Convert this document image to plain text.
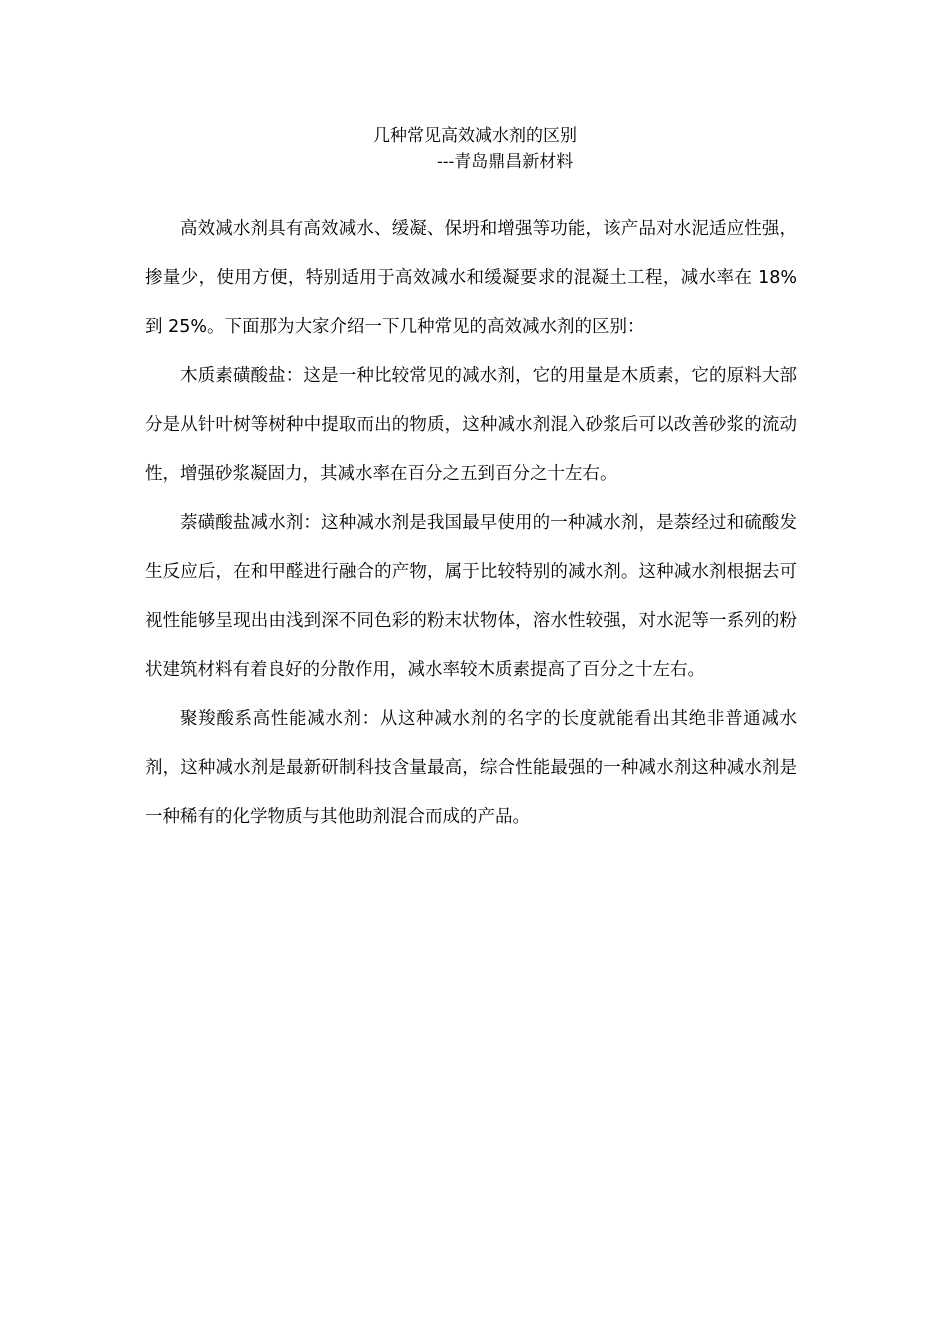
几种常见高效减水剂的区别
---青岛鼎昌新材料

高效减水剂具有高效减水、缓凝、保坍和增强等功能，该产品对水泥适应性强，掺量少，使用方便，特别适用于高效减水和缓凝要求的混凝土工程，减水率在 18%到 25%。下面那为大家介绍一下几种常见的高效减水剂的区别：

木质素磺酸盐：这是一种比较常见的减水剂，它的用量是木质素，它的原料大部分是从针叶树等树种中提取而出的物质，这种减水剂混入砂浆后可以改善砂浆的流动性，增强砂浆凝固力，其减水率在百分之五到百分之十左右。

萘磺酸盐减水剂：这种减水剂是我国最早使用的一种减水剂，是萘经过和硫酸发生反应后，在和甲醛进行融合的产物，属于比较特别的减水剂。这种减水剂根据去可视性能够呈现出由浅到深不同色彩的粉末状物体，溶水性较强，对水泥等一系列的粉状建筑材料有着良好的分散作用，减水率较木质素提高了百分之十左右。

聚羧酸系高性能减水剂：从这种减水剂的名字的长度就能看出其绝非普通减水剂，这种减水剂是最新研制科技含量最高，综合性能最强的一种减水剂这种减水剂是一种稀有的化学物质与其他助剂混合而成的产品。
